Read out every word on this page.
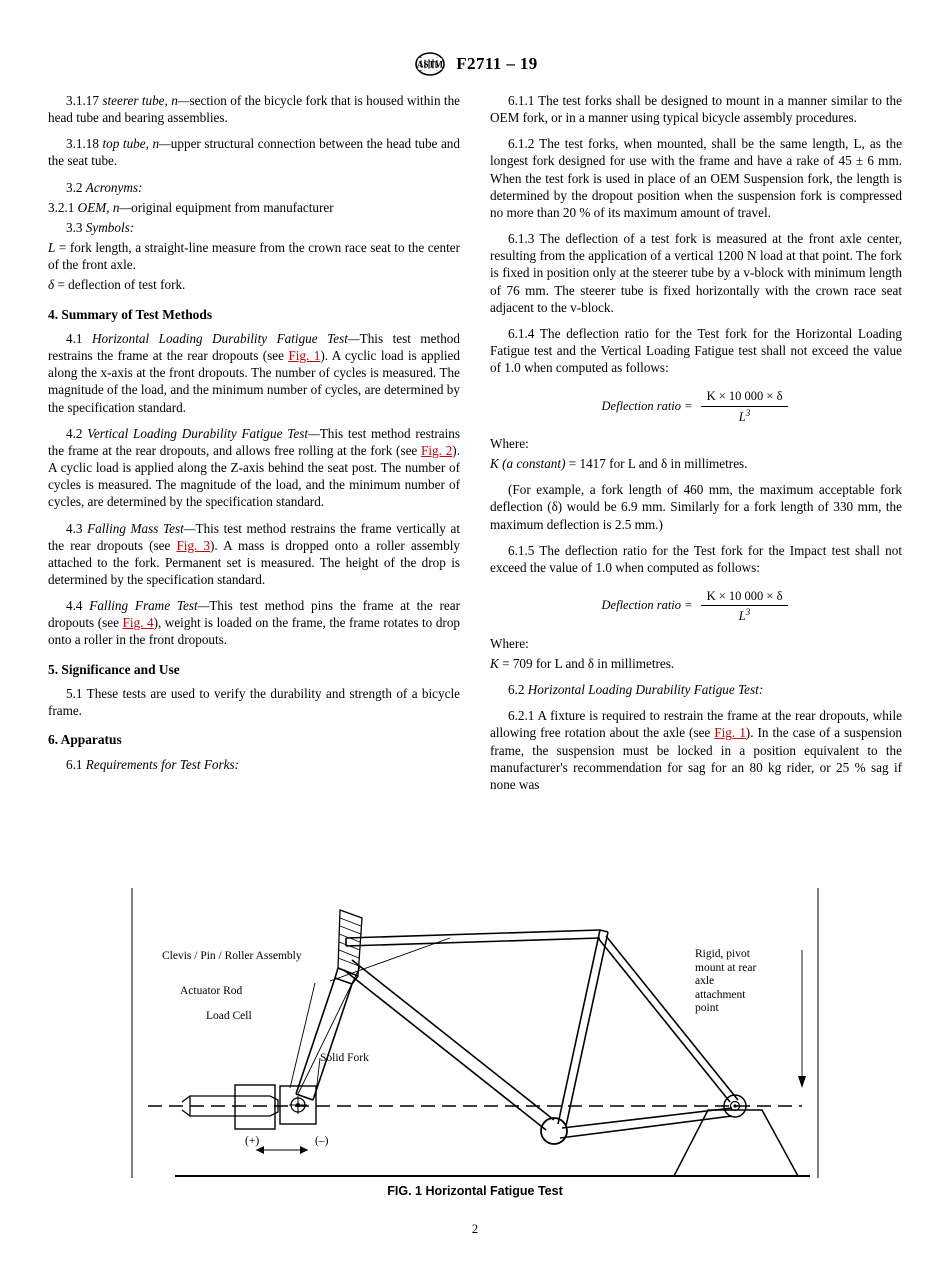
ASTM F2711 – 19

3.1.17 steerer tube, n—section of the bicycle fork that is housed within the head tube and bearing assemblies.

3.1.18 top tube, n—upper structural connection between the head tube and the seat tube.

3.2 Acronyms:

3.2.1 OEM, n—original equipment from manufacturer

3.3 Symbols:

L = fork length, a straight-line measure from the crown race seat to the center of the front axle.

δ = deflection of test fork.

4. Summary of Test Methods

4.1 Horizontal Loading Durability Fatigue Test—This test method restrains the frame at the rear dropouts (see Fig. 1). A cyclic load is applied along the x-axis at the front dropouts. The number of cycles is measured. The magnitude of the load, and the minimum number of cycles, are determined by the specification standard.

4.2 Vertical Loading Durability Fatigue Test—This test method restrains the frame at the rear dropouts, and allows free rolling at the fork (see Fig. 2). A cyclic load is applied along the Z-axis behind the seat post. The number of cycles is measured. The magnitude of the load, and the minimum number of cycles, are determined by the specification standard.

4.3 Falling Mass Test—This test method restrains the frame vertically at the rear dropouts (see Fig. 3). A mass is dropped onto a roller assembly attached to the fork. Permanent set is measured. The height of the drop is determined by the specification standard.

4.4 Falling Frame Test—This test method pins the frame at the rear dropouts (see Fig. 4), weight is loaded on the frame, the frame rotates to drop onto a roller in the front dropouts.

5. Significance and Use

5.1 These tests are used to verify the durability and strength of a bicycle frame.

6. Apparatus

6.1 Requirements for Test Forks:

6.1.1 The test forks shall be designed to mount in a manner similar to the OEM fork, or in a manner using typical bicycle assembly procedures.

6.1.2 The test forks, when mounted, shall be the same length, L, as the longest fork designed for use with the frame and have a rake of 45 ± 6 mm. When the test fork is used in place of an OEM Suspension fork, the length is determined by the dropout position when the suspension fork is compressed no more than 20 % of its maximum amount of travel.

6.1.3 The deflection of a test fork is measured at the front axle center, resulting from the application of a vertical 1200 N load at that point. The fork is fixed in position only at the steerer tube by a v-block with minimum length of 76 mm. The steerer tube is fixed horizontally with the crown race seat adjacent to the v-block.

6.1.4 The deflection ratio for the Test fork for the Horizontal Loading Fatigue test and the Vertical Loading Fatigue test shall not exceed the value of 1.0 when computed as follows:

Deflection ratio = $\frac{K \times 10 000 \times \delta}{L^3}$

Where:

K (a constant) = 1417 for L and δ in millimetres.

(For example, a fork length of 460 mm, the maximum acceptable fork deflection (δ) would be 6.9 mm. Similarly for a fork length of 330 mm, the maximum deflection is 2.5 mm.)

6.1.5 The deflection ratio for the Test fork for the Impact test shall not exceed the value of 1.0 when computed as follows:

Deflection ratio = $\frac{K \times 10 000 \times \delta}{L^3}$

Where:

K = 709 for L and δ in millimetres.

6.2 Horizontal Loading Durability Fatigue Test:

6.2.1 A fixture is required to restrain the frame at the rear dropouts, while allowing free rotation about the axle (see Fig. 1). In the case of a suspension frame, the suspension must be locked in a position equivalent to the manufacturer's recommendation for sag for an 80 kg rider, or 25 % sag if none was

Clevis / Pin / Roller Assembly
Actuator Rod
Load Cell
Solid Fork
Rigid, pivot mount at rear axle attachment point
(+)	(–)
FIG. 1 Horizontal Fatigue Test
2
